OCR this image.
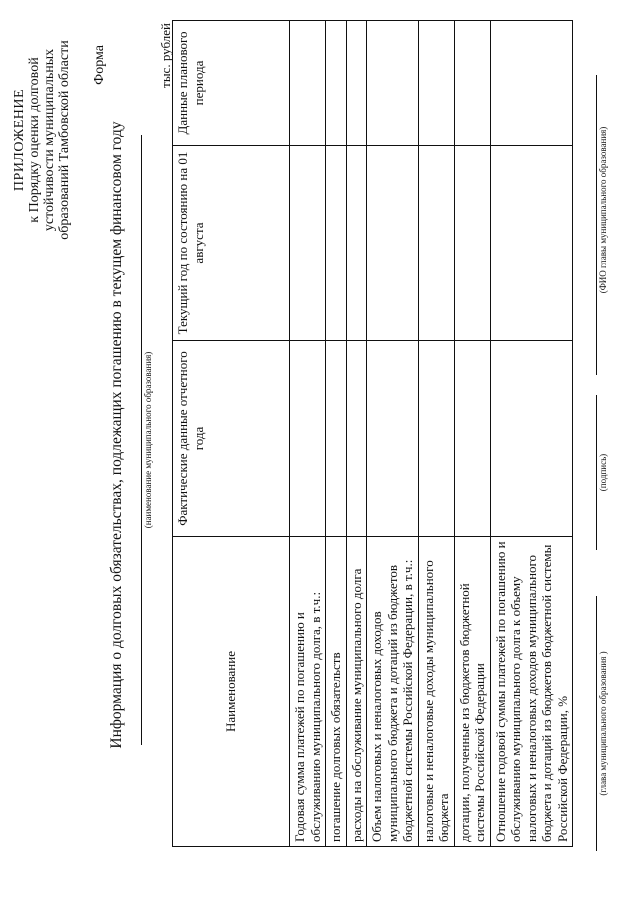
ПРИЛОЖЕНИЕ к Порядку оценки долговой устойчивости муниципальных образований Тамбовской области Форма
Информация о долговых обязательствах, подлежащих погашению в текущем финансовом году (наименование муниципального образования)
тыс. рублей
Наименование	Фактические данные отчетного года	Текущий год по состоянию на 01 августа	Данные планового периода
Годовая сумма платежей по погашению и обслуживанию муниципального долга, в т.ч.:			
погашение долговых обязательств			
расходы на обслуживание муниципального долга			
Объем налоговых и неналоговых доходов муниципального бюджета и дотаций из бюджетов бюджетной системы Российской Федерации, в т.ч.:			
налоговые и неналоговые доходы муниципального бюджета			
дотации, полученные из бюджетов бюджетной системы Российской Федерации			
Отношение годовой суммы платежей по погашению и обслуживанию муниципального долга к объему налоговых и неналоговых доходов муниципального бюджета и дотаций из бюджетов бюджетной системы Российской Федерации, %				(глава муниципального образования )
(подпись)
(ФИО главы муниципального образования)
